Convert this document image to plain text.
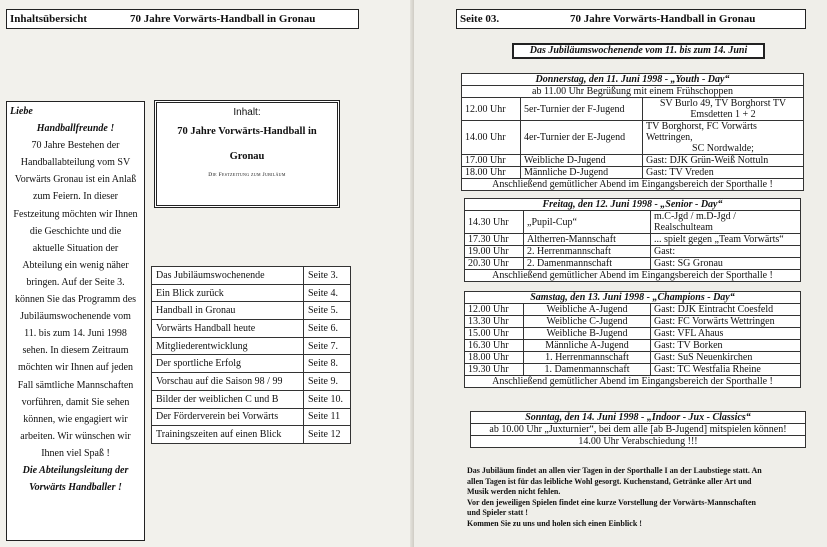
Inhaltsübersicht	70 Jahre Vorwärts-Handball in Gronau
Liebe
Handballfreunde !
70 Jahre Bestehen der
Handballabteilung vom SV
Vorwärts Gronau ist ein Anlaß
zum Feiern. In dieser
Festzeitung möchten wir Ihnen
die Geschichte und die
aktuelle Situation der
Abteilung ein wenig näher
bringen. Auf der Seite 3.
können Sie das Programm des
Jubiläumswochenende vom
11. bis zum 14. Juni 1998
sehen. In diesem Zeitraum
möchten wir Ihnen auf jeden
Fall sämtliche Mannschaften
vorführen, damit Sie sehen
können, wie engagiert wir
arbeiten. Wir wünschen wir
Ihnen viel Spaß !
Die Abteilungsleitung der
Vorwärts Handballer !
Inhalt:
70 Jahre Vorwärts-Handball in
Gronau
Die Festzeitung zum Jubiläum
Das Jubiläumswochenende	Seite 3.
Ein Blick zurück	Seite 4.
Handball in Gronau	Seite 5.
Vorwärts Handball heute	Seite 6.
Mitgliederentwicklung	Seite 7.
Der sportliche Erfolg	Seite 8.
Vorschau auf die Saison 98 / 99	Seite 9.
Bilder der weiblichen C und B	Seite 10.
Der Förderverein bei Vorwärts	Seite 11
Trainingszeiten auf einen Blick	Seite 12
Seite 03.	70 Jahre Vorwärts-Handball in Gronau
Das Jubiläumswochenende vom 11. bis zum 14. Juni
Donnerstag, den 11. Juni 1998 - „Youth - Day“		
ab 11.00 Uhr Begrüßung mit einem Frühschoppen		
12.00 Uhr	5er-Turnier der F-Jugend	SV Burlo 49, TV Borghorst TV
Emsdetten 1 + 2

14.00 Uhr	4er-Turnier der E-Jugend	TV Borghorst, FC Vorwärts Wettringen,
SC Nordwalde;

17.00 Uhr	Weibliche D-Jugend	Gast: DJK Grün-Weiß Nottuln
18.00 Uhr	Männliche D-Jugend	Gast: TV Vreden
Anschließend gemütlicher Abend im Eingangsbereich der Sporthalle !		
Freitag, den 12. Juni 1998 - „Senior - Day“		
14.30 Uhr	„Pupil-Cup“	m.C-Jgd / m.D-Jgd / Realschulteam
17.30 Uhr	Altherren-Mannschaft	... spielt gegen „Team Vorwärts“
19.00 Uhr	2. Herrenmannschaft	Gast:
20.30 Uhr	2. Damenmannschaft	Gast: SG Gronau
Anschließend gemütlicher Abend im Eingangsbereich der Sporthalle !		
Samstag, den 13. Juni 1998 - „Champions - Day“		
12.00 Uhr	Weibliche A-Jugend	Gast: DJK Eintracht Coesfeld
13.30 Uhr	Weibliche C-Jugend	Gast: FC Vorwärts Wettringen
15.00 Uhr	Weibliche B-Jugend	Gast: VFL Ahaus
16.30 Uhr	Männliche A-Jugend	Gast: TV Borken
18.00 Uhr	1. Herrenmannschaft	Gast: SuS Neuenkirchen
19.30 Uhr	1. Damenmannschaft	Gast: TC Westfalia Rheine
Anschließend gemütlicher Abend im Eingangsbereich der Sporthalle !		
Sonntag, den 14. Juni 1998 - „Indoor - Jux - Classics“
ab 10.00 Uhr „Juxturnier“, bei dem alle [ab B-Jugend] mitspielen können!
14.00 Uhr Verabschiedung !!!
Das Jubiläum findet an allen vier Tagen in der Sporthalle I an der Laubstiege statt. An
allen Tagen ist für das leibliche Wohl gesorgt. Kuchenstand, Getränke aller Art und
Musik werden nicht fehlen.
Vor den jeweiligen Spielen findet eine kurze Vorstellung der Vorwärts-Mannschaften
und Spieler statt !
Kommen Sie zu uns und holen sich einen Einblick !
